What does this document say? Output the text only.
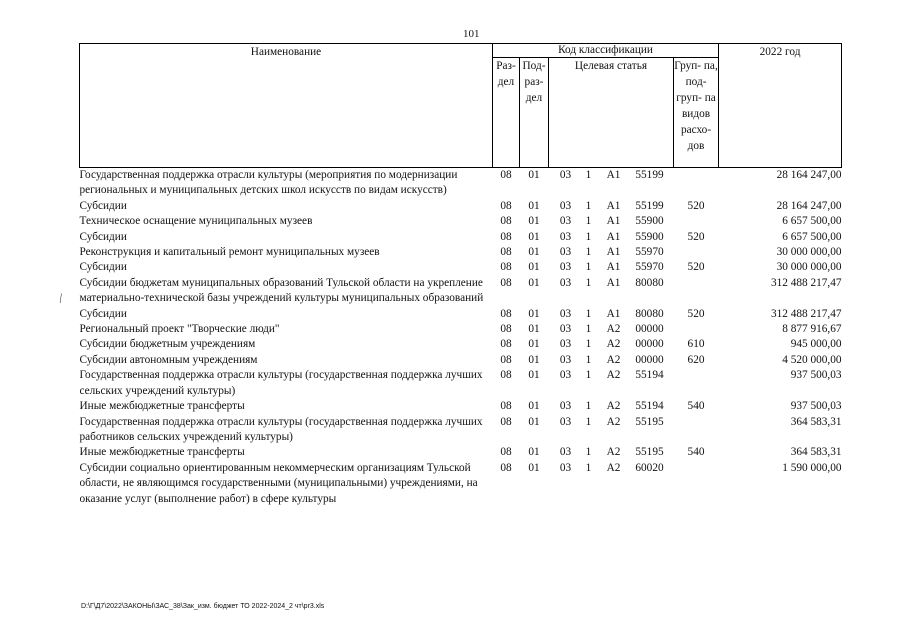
101
⁄
Наименование	Код классификации				2022 год
	Раз- дел	Под- раз- дел	Целевая статья	Груп- па, под- груп- па видов расхо- дов	
Государственная поддержка отрасли культуры (мероприятия по модернизации региональных и муниципальных детских школ искусств по видам искусств)	08	01	03 1 A1 55199		28 164 247,00
Субсидии	08	01	03 1 A1 55199	520	28 164 247,00
Техническое оснащение муниципальных музеев	08	01	03 1 A1 55900		6 657 500,00
Субсидии	08	01	03 1 A1 55900	520	6 657 500,00
Реконструкция и капитальный ремонт муниципальных музеев	08	01	03 1 A1 55970		30 000 000,00
Субсидии	08	01	03 1 A1 55970	520	30 000 000,00
Субсидии бюджетам муниципальных образований Тульской области на укрепление материально-технической базы учреждений культуры муниципальных образований	08	01	03 1 A1 80080		312 488 217,47
Субсидии	08	01	03 1 A1 80080	520	312 488 217,47
Региональный проект "Творческие люди"	08	01	03 1 A2 00000		8 877 916,67
Субсидии бюджетным учреждениям	08	01	03 1 A2 00000	610	945 000,00
Субсидии автономным учреждениям	08	01	03 1 A2 00000	620	4 520 000,00
Государственная поддержка отрасли культуры (государственная поддержка лучших сельских учреждений культуры)	08	01	03 1 A2 55194		937 500,03
Иные межбюджетные трансферты	08	01	03 1 A2 55194	540	937 500,03
Государственная поддержка отрасли культуры (государственная поддержка лучших работников сельских учреждений культуры)	08	01	03 1 A2 55195		364 583,31
Иные межбюджетные трансферты	08	01	03 1 A2 55195	540	364 583,31
Субсидии социально ориентированным некоммерческим организациям Тульской области, не являющимся государственными (муниципальными) учреждениями, на оказание услуг (выполнение работ) в сфере культуры	08	01	03 1 A2 60020		1 590 000,00
D:\Г\Д7\2022\ЗАКОНЫ\ЗАС_38\Зак_изм. бюджет ТО 2022-2024_2 чт\pr3.xls
